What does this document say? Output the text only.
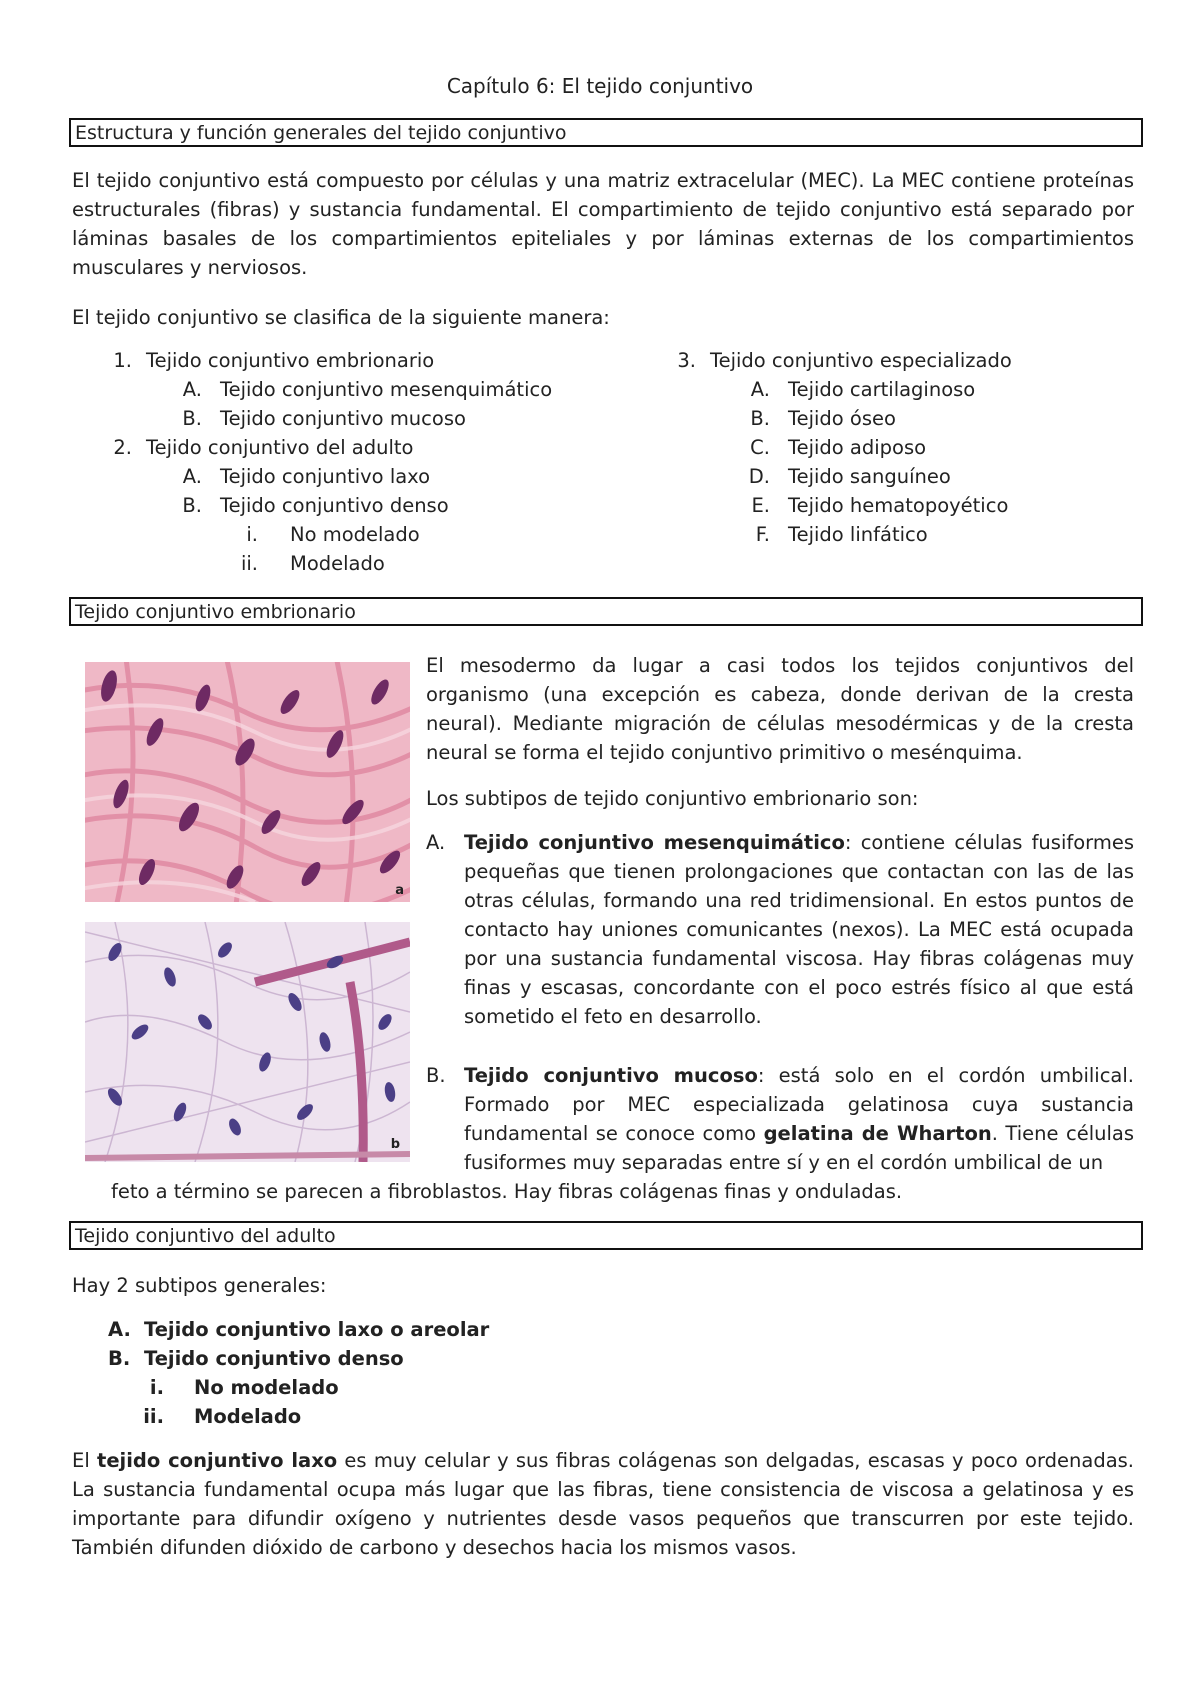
Capítulo 6: El tejido conjuntivo
Estructura y función generales del tejido conjuntivo
El tejido conjuntivo está compuesto por células y una matriz extracelular (MEC). La MEC contiene proteínas estructurales (fibras) y sustancia fundamental. El compartimiento de tejido conjuntivo está separado por láminas basales de los compartimientos epiteliales y por láminas externas de los compartimientos musculares y nerviosos.
El tejido conjuntivo se clasifica de la siguiente manera:
1. Tejido conjuntivo embrionario
A. Tejido conjuntivo mesenquimático
B. Tejido conjuntivo mucoso
2. Tejido conjuntivo del adulto
A. Tejido conjuntivo laxo
B. Tejido conjuntivo denso
i. No modelado
ii. Modelado
3. Tejido conjuntivo especializado
A. Tejido cartilaginoso
B. Tejido óseo
C. Tejido adiposo
D. Tejido sanguíneo
E. Tejido hematopoyético
F. Tejido linfático
Tejido conjuntivo embrionario
a
b
El mesodermo da lugar a casi todos los tejidos conjuntivos del organismo (una excepción es cabeza, donde derivan de la cresta neural). Mediante migración de células mesodérmicas y de la cresta neural se forma el tejido conjuntivo primitivo o mesénquima.
Los subtipos de tejido conjuntivo embrionario son:
A. Tejido conjuntivo mesenquimático: contiene células fusiformes pequeñas que tienen prolongaciones que contactan con las de las otras células, formando una red tridimensional. En estos puntos de contacto hay uniones comunicantes (nexos). La MEC está ocupada por una sustancia fundamental viscosa. Hay fibras colágenas muy finas y escasas, concordante con el poco estrés físico al que está sometido el feto en desarrollo.
B. Tejido conjuntivo mucoso: está solo en el cordón umbilical. Formado por MEC especializada gelatinosa cuya sustancia fundamental se conoce como gelatina de Wharton. Tiene células fusiformes muy separadas entre sí y en el cordón umbilical de un
feto a término se parecen a fibroblastos. Hay fibras colágenas finas y onduladas.
Tejido conjuntivo del adulto
Hay 2 subtipos generales:
A. Tejido conjuntivo laxo o areolar
B. Tejido conjuntivo denso
i. No modelado
ii. Modelado
El tejido conjuntivo laxo es muy celular y sus fibras colágenas son delgadas, escasas y poco ordenadas. La sustancia fundamental ocupa más lugar que las fibras, tiene consistencia de viscosa a gelatinosa y es importante para difundir oxígeno y nutrientes desde vasos pequeños que transcurren por este tejido. También difunden dióxido de carbono y desechos hacia los mismos vasos.
